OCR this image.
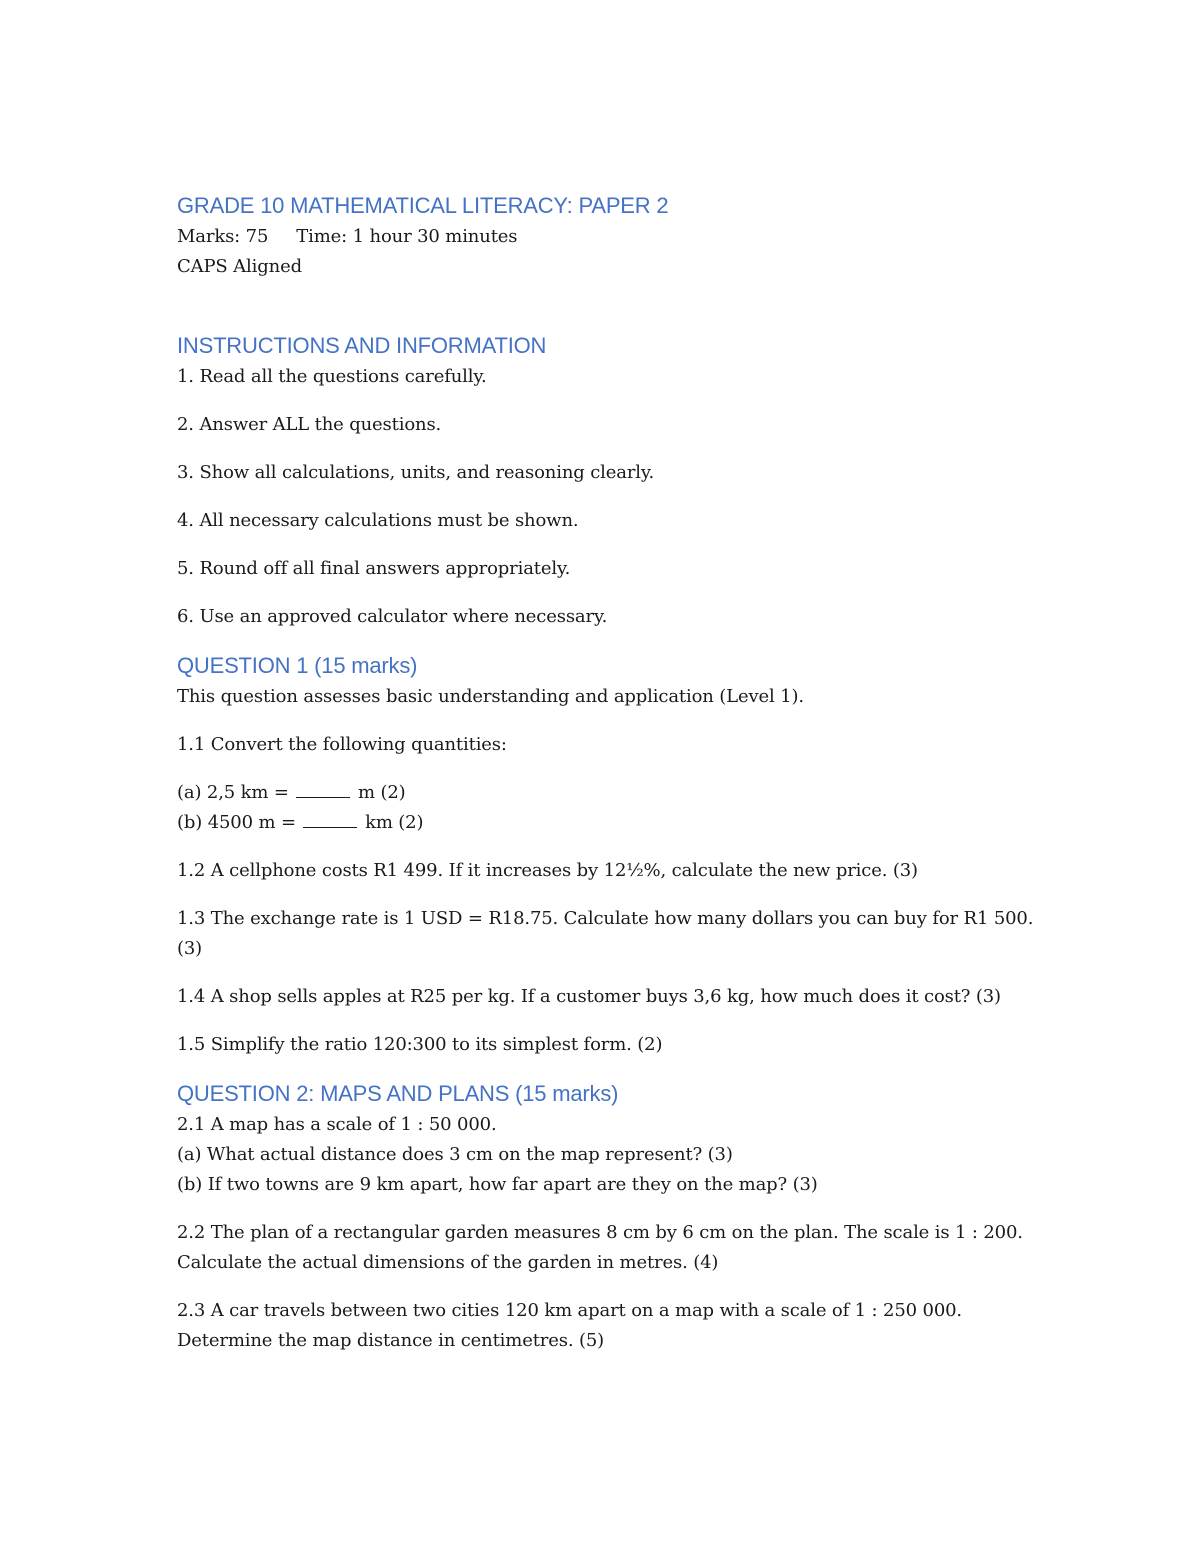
GRADE 10 MATHEMATICAL LITERACY: PAPER 2

Marks: 75 Time: 1 hour 30 minutes

CAPS Aligned

INSTRUCTIONS AND INFORMATION

1. Read all the questions carefully.

2. Answer ALL the questions.

3. Show all calculations, units, and reasoning clearly.

4. All necessary calculations must be shown.

5. Round off all final answers appropriately.

6. Use an approved calculator where necessary.

QUESTION 1 (15 marks)

This question assesses basic understanding and application (Level 1).

1.1 Convert the following quantities:

(a) 2,5 km =	m (2)

(b) 4500 m =	km (2)

1.2 A cellphone costs R1 499. If it increases by 12½%, calculate the new price. (3)

1.3 The exchange rate is 1 USD = R18.75. Calculate how many dollars you can buy for R1 500. (3)

1.4 A shop sells apples at R25 per kg. If a customer buys 3,6 kg, how much does it cost? (3)

1.5 Simplify the ratio 120:300 to its simplest form. (2)

QUESTION 2: MAPS AND PLANS (15 marks)

2.1 A map has a scale of 1 : 50 000.

(a) What actual distance does 3 cm on the map represent? (3)

(b) If two towns are 9 km apart, how far apart are they on the map? (3)

2.2 The plan of a rectangular garden measures 8 cm by 6 cm on the plan. The scale is 1 : 200. Calculate the actual dimensions of the garden in metres. (4)

2.3 A car travels between two cities 120 km apart on a map with a scale of 1 : 250 000. Determine the map distance in centimetres. (5)
